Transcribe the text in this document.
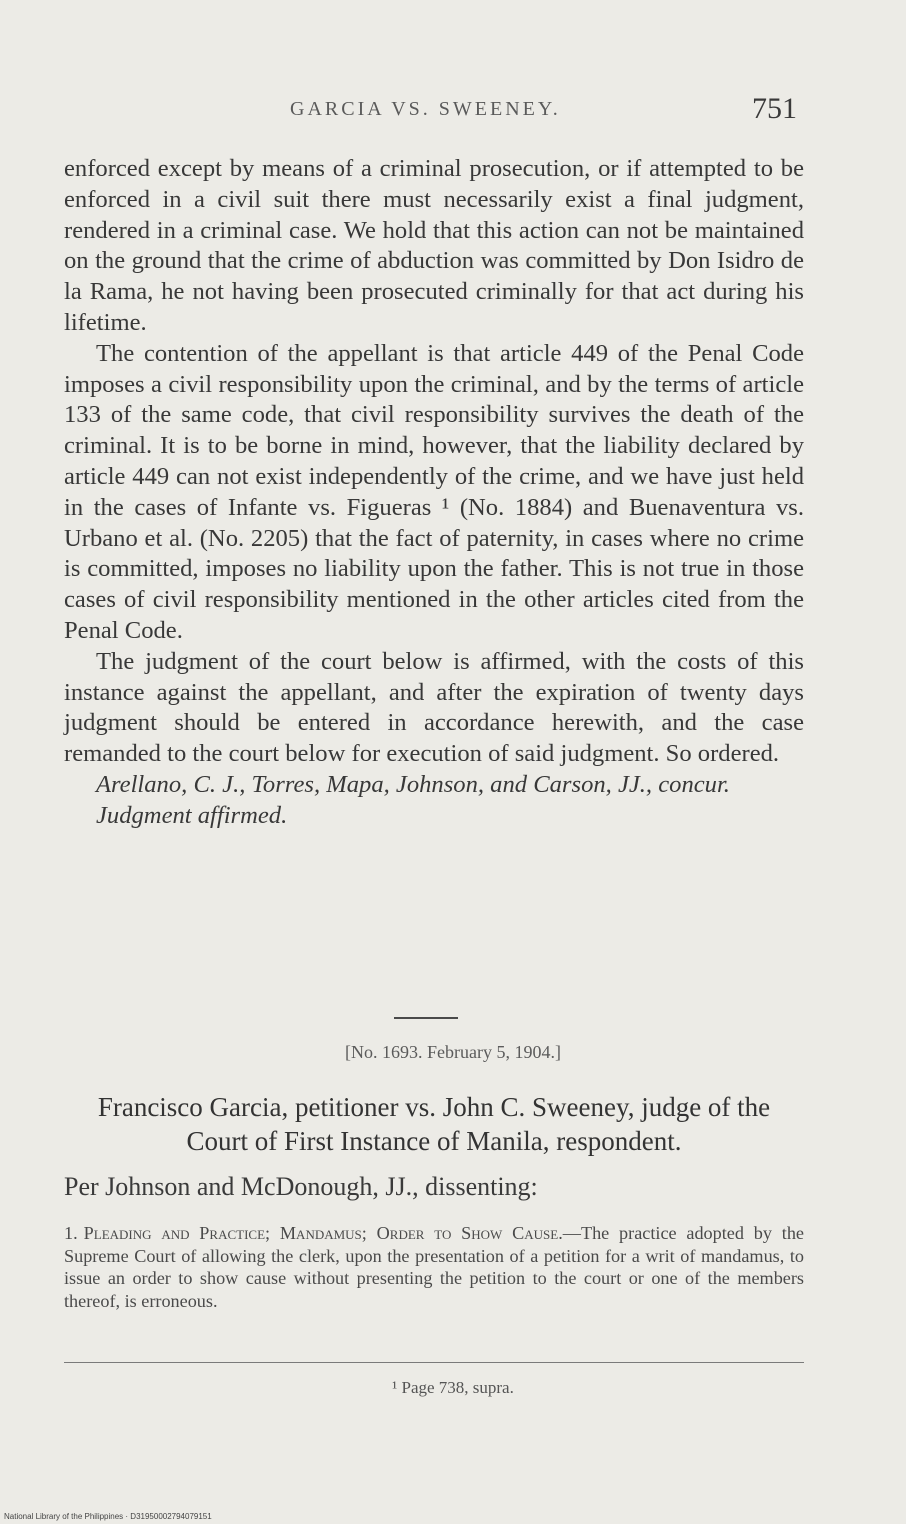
GARCIA VS. SWEENEY.	751

enforced except by means of a criminal prosecution, or if attempted to be enforced in a civil suit there must necessarily exist a final judgment, rendered in a criminal case. We hold that this action can not be maintained on the ground that the crime of abduction was committed by Don Isidro de la Rama, he not having been prosecuted criminally for that act during his lifetime.

The contention of the appellant is that article 449 of the Penal Code imposes a civil responsibility upon the criminal, and by the terms of article 133 of the same code, that civil responsibility survives the death of the criminal. It is to be borne in mind, however, that the liability declared by article 449 can not exist independently of the crime, and we have just held in the cases of Infante vs. Figueras ¹ (No. 1884) and Buenaventura vs. Urbano et al. (No. 2205) that the fact of paternity, in cases where no crime is committed, imposes no liability upon the father. This is not true in those cases of civil responsibility mentioned in the other articles cited from the Penal Code.

The judgment of the court below is affirmed, with the costs of this instance against the appellant, and after the expiration of twenty days judgment should be entered in accordance herewith, and the case remanded to the court below for execution of said judgment. So ordered.

Arellano, C. J., Torres, Mapa, Johnson, and Carson, JJ., concur.

Judgment affirmed.

[No. 1693. February 5, 1904.]
Francisco Garcia, petitioner vs. John C. Sweeney, judge of the Court of First Instance of Manila, respondent.
Per Johnson and McDonough, JJ., dissenting:
1. Pleading and Practice; Mandamus; Order to Show Cause.—The practice adopted by the Supreme Court of allowing the clerk, upon the presentation of a petition for a writ of mandamus, to issue an order to show cause without presenting the petition to the court or one of the members thereof, is erroneous.
¹ Page 738, supra.
National Library of the Philippines · D31950002794079151
